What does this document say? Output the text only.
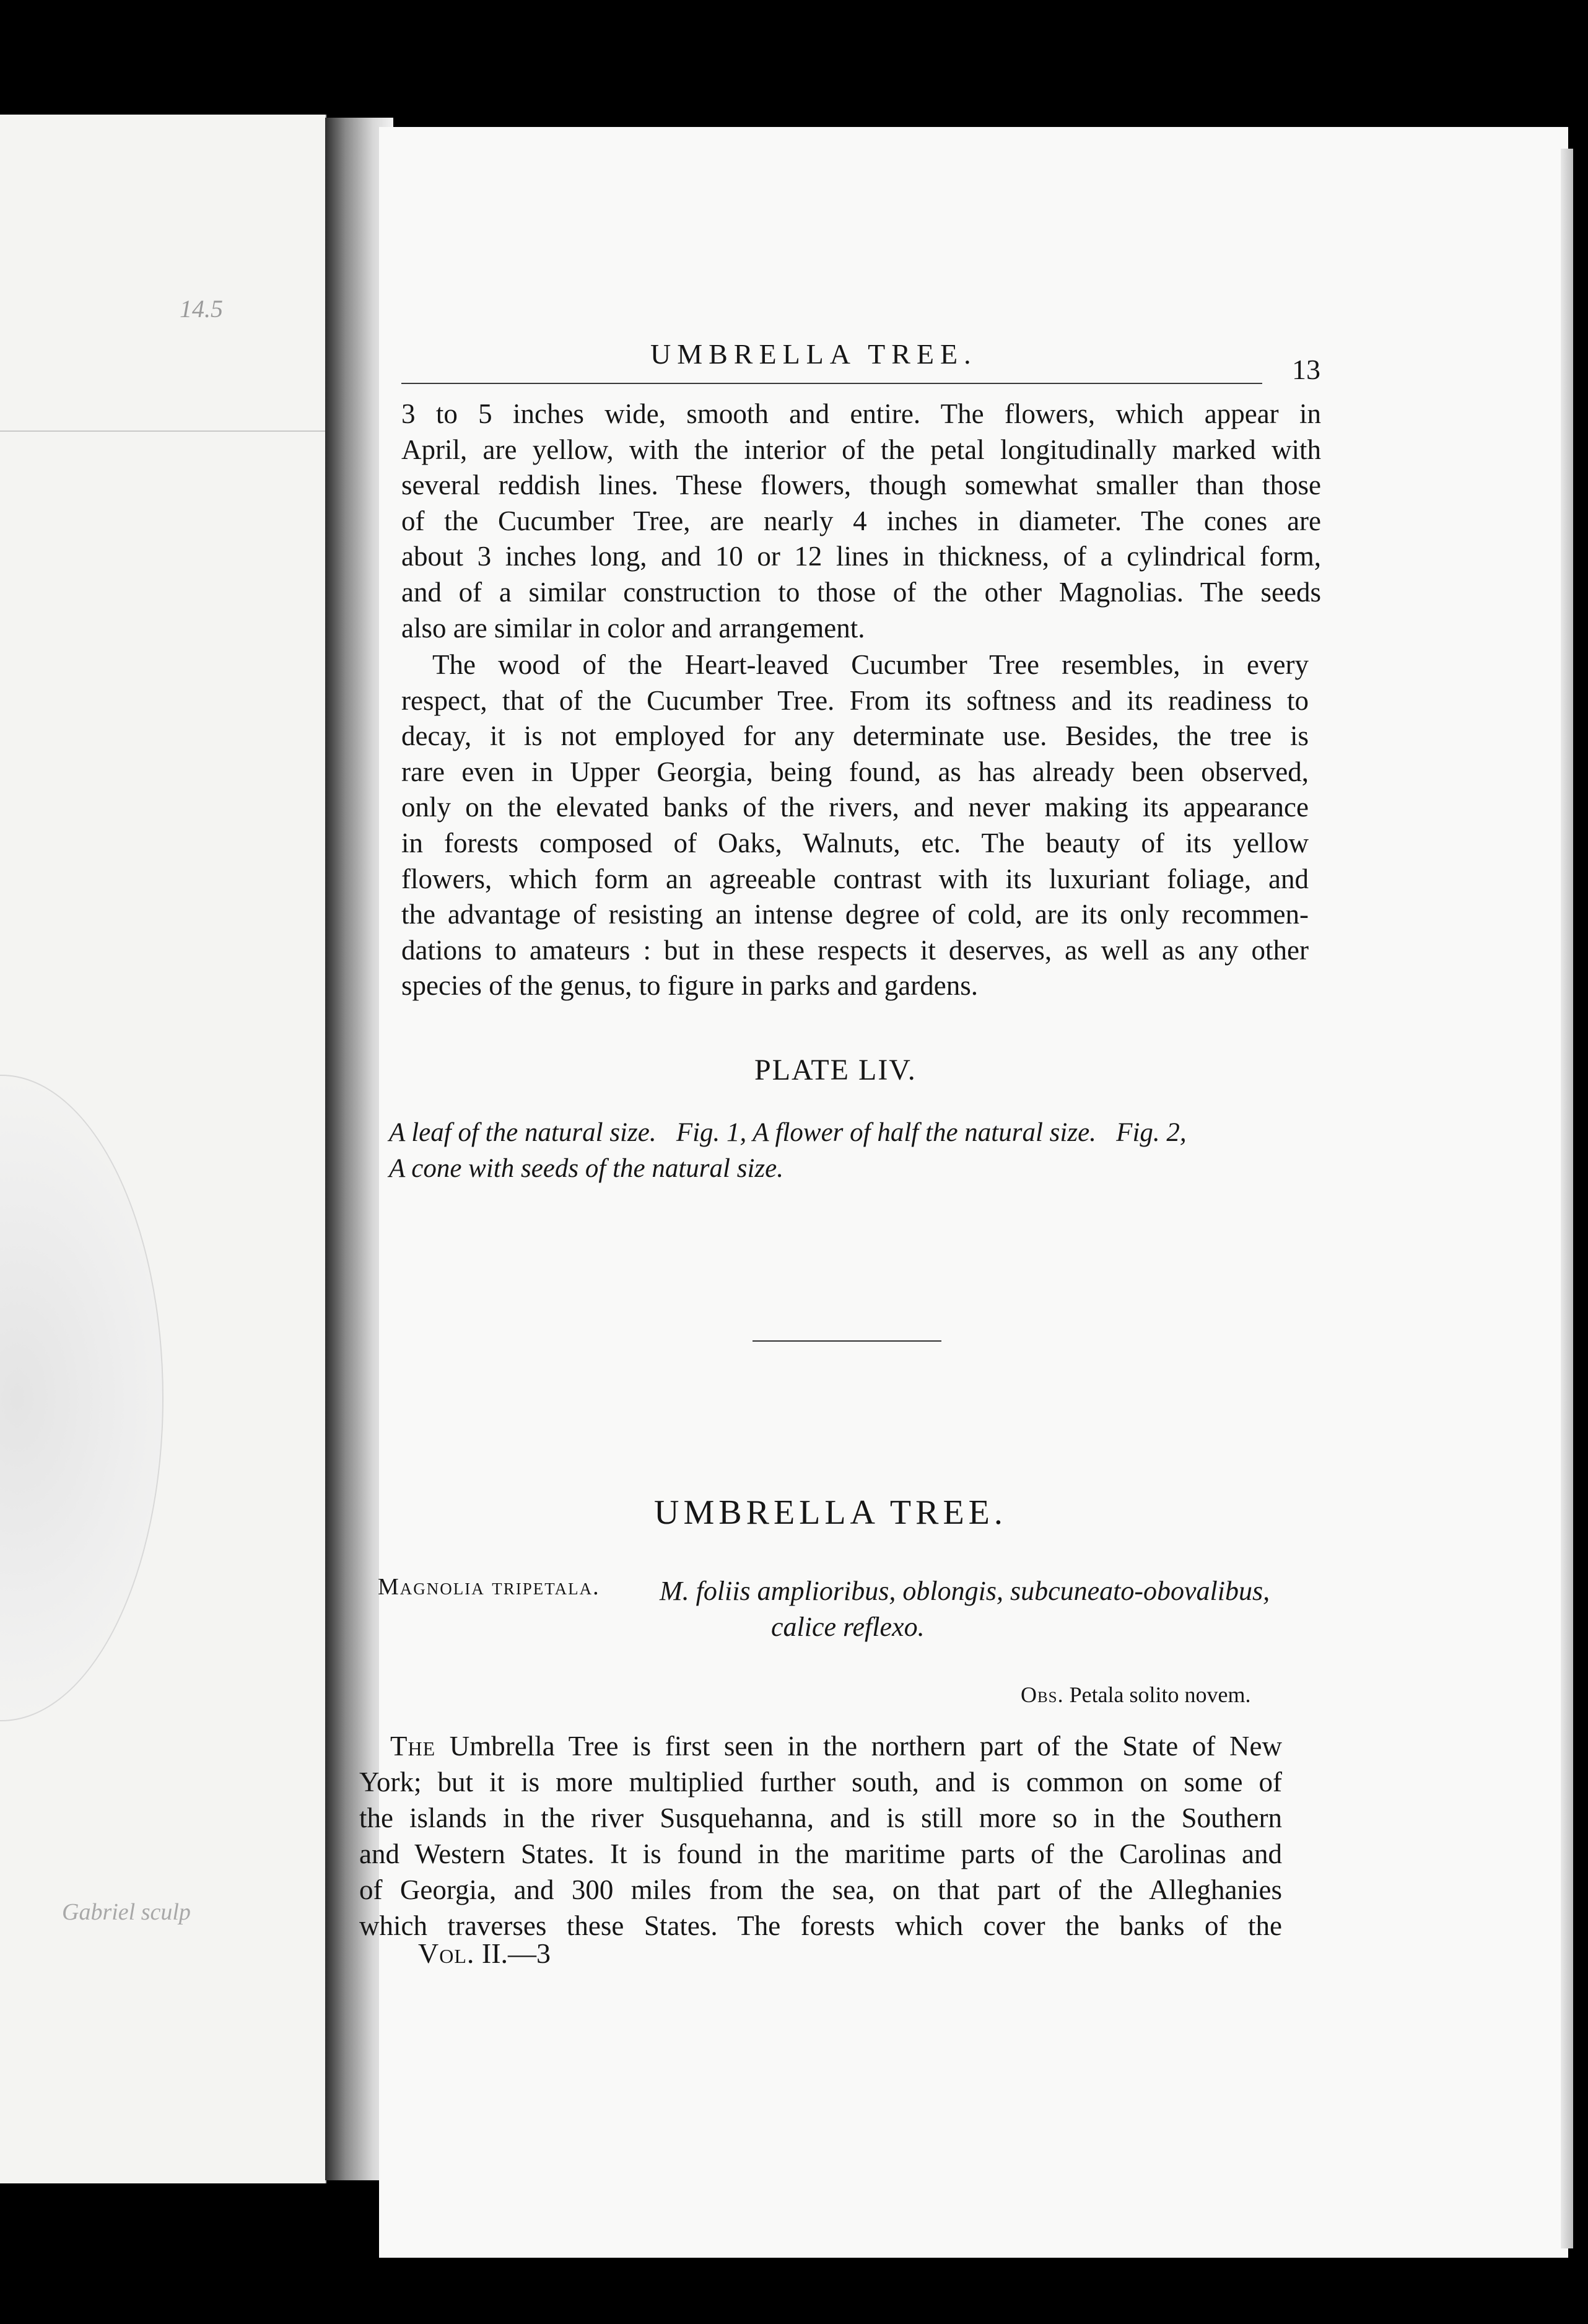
14.5
Gabriel sculp
UMBRELLA TREE.	13
3 to 5 inches wide, smooth and entire. The flowers, which appear in
April, are yellow, with the interior of the petal longitudinally marked with
several reddish lines. These flowers, though somewhat smaller than those
of the Cucumber Tree, are nearly 4 inches in diameter. The cones are
about 3 inches long, and 10 or 12 lines in thickness, of a cylindrical form,
and of a similar construction to those of the other Magnolias. The seeds
also are similar in color and arrangement.
The wood of the Heart-leaved Cucumber Tree resembles, in every
respect, that of the Cucumber Tree. From its softness and its readiness to
decay, it is not employed for any determinate use. Besides, the tree is
rare even in Upper Georgia, being found, as has already been observed,
only on the elevated banks of the rivers, and never making its appearance
in forests composed of Oaks, Walnuts, etc. The beauty of its yellow
flowers, which form an agreeable contrast with its luxuriant foliage, and
the advantage of resisting an intense degree of cold, are its only recommen-
dations to amateurs : but in these respects it deserves, as well as any other
species of the genus, to figure in parks and gardens.
PLATE LIV.
A leaf of the natural size. Fig. 1, A flower of half the natural size. Fig. 2,
A cone with seeds of the natural size.
UMBRELLA TREE.
Magnolia tripetala. M. foliis amplioribus, oblongis, subcuneato-obovalibus,
calice reflexo.
Obs. Petala solito novem.
The Umbrella Tree is first seen in the northern part of the State of New
York; but it is more multiplied further south, and is common on some of
the islands in the river Susquehanna, and is still more so in the Southern
and Western States. It is found in the maritime parts of the Carolinas and
of Georgia, and 300 miles from the sea, on that part of the Alleghanies
which traverses these States. The forests which cover the banks of the
Vol. II.—3
